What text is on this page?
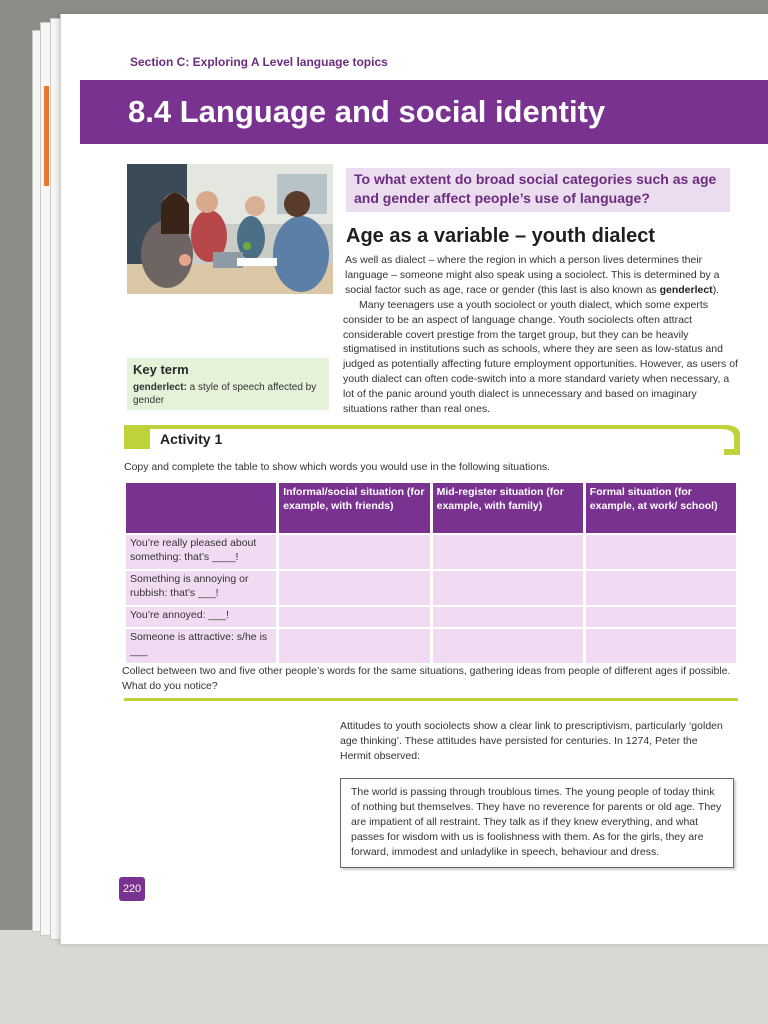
Section C: Exploring A Level language topics
8.4 Language and social identity
To what extent do broad social categories such as age and gender affect people’s use of language?
Age as a variable – youth dialect
As well as dialect – where the region in which a person lives determines their language – someone might also speak using a sociolect. This is determined by a social factor such as age, race or gender (this last is also known as genderlect).
Many teenagers use a youth sociolect or youth dialect, which some experts consider to be an aspect of language change. Youth sociolects often attract considerable covert prestige from the target group, but they can be heavily stigmatised in institutions such as schools, where they are seen as low-status and judged as potentially affecting future employment opportunities. However, as users of youth dialect can often code-switch into a more standard variety when necessary, a lot of the panic around youth dialect is unnecessary and based on imaginary situations rather than real ones.
Key term
genderlect: a style of speech affected by gender
Activity 1
Copy and complete the table to show which words you would use in the following situations.
	Informal/social situation (for example, with friends)	Mid-register situation (for example, with family)	Formal situation (for example, at work/ school)
You’re really pleased about something: that’s ____!			
Something is annoying or rubbish: that’s ___!			
You’re annoyed: ___!			
Someone is attractive: s/he is ___			
Collect between two and five other people’s words for the same situations, gathering ideas from people of different ages if possible. What do you notice?
Attitudes to youth sociolects show a clear link to prescriptivism, particularly ‘golden age thinking’. These attitudes have persisted for centuries. In 1274, Peter the Hermit observed:
The world is passing through troublous times. The young people of today think of nothing but themselves. They have no reverence for parents or old age. They are impatient of all restraint. They talk as if they knew everything, and what passes for wisdom with us is foolishness with them. As for the girls, they are forward, immodest and unladylike in speech, behaviour and dress.
220
